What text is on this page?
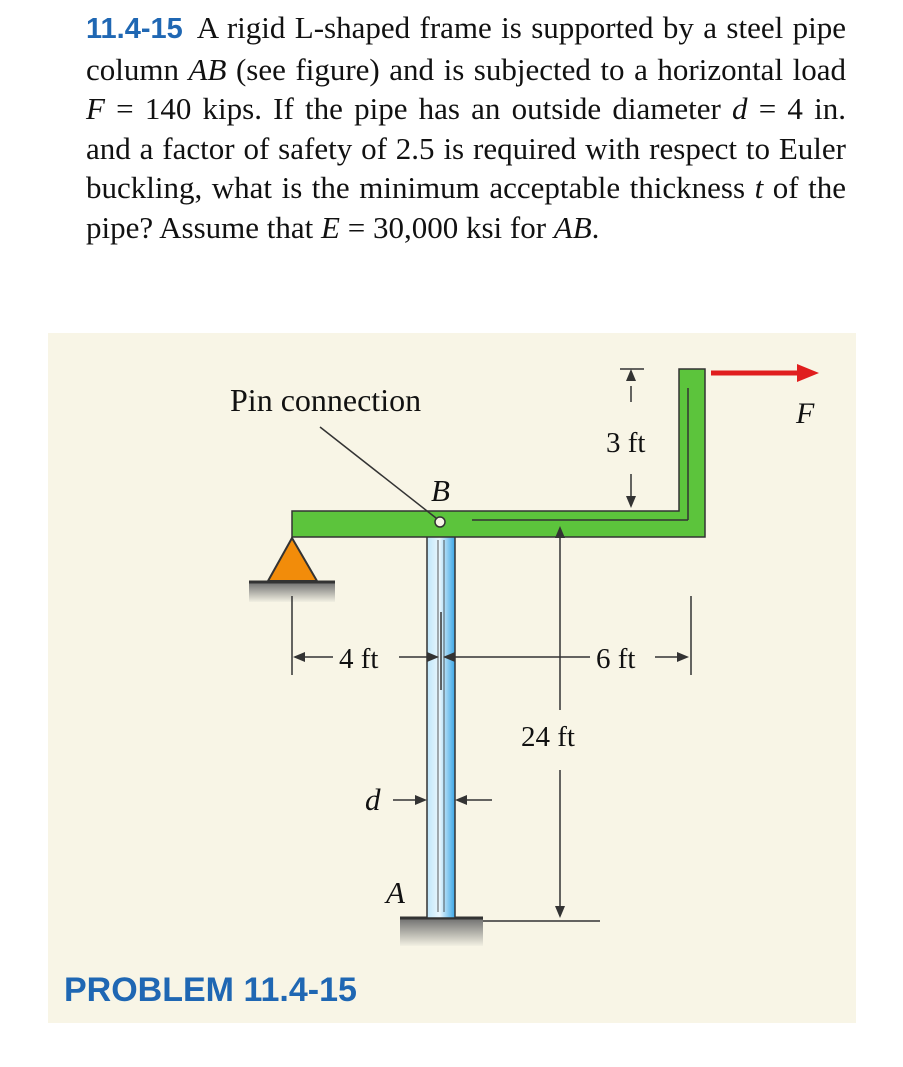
11.4-15 A rigid L-shaped frame is supported by a steel pipe column AB (see figure) and is subjected to a horizontal load F = 140 kips. If the pipe has an outside diameter d = 4 in. and a factor of safety of 2.5 is required with respect to Euler buckling, what is the minimum acceptable thickness t of the pipe? Assume that E = 30,000 ksi for AB.
Pin connection
B
A
F
3 ft
4 ft	6 ft
24 ft
d
PROBLEM 11.4-15
